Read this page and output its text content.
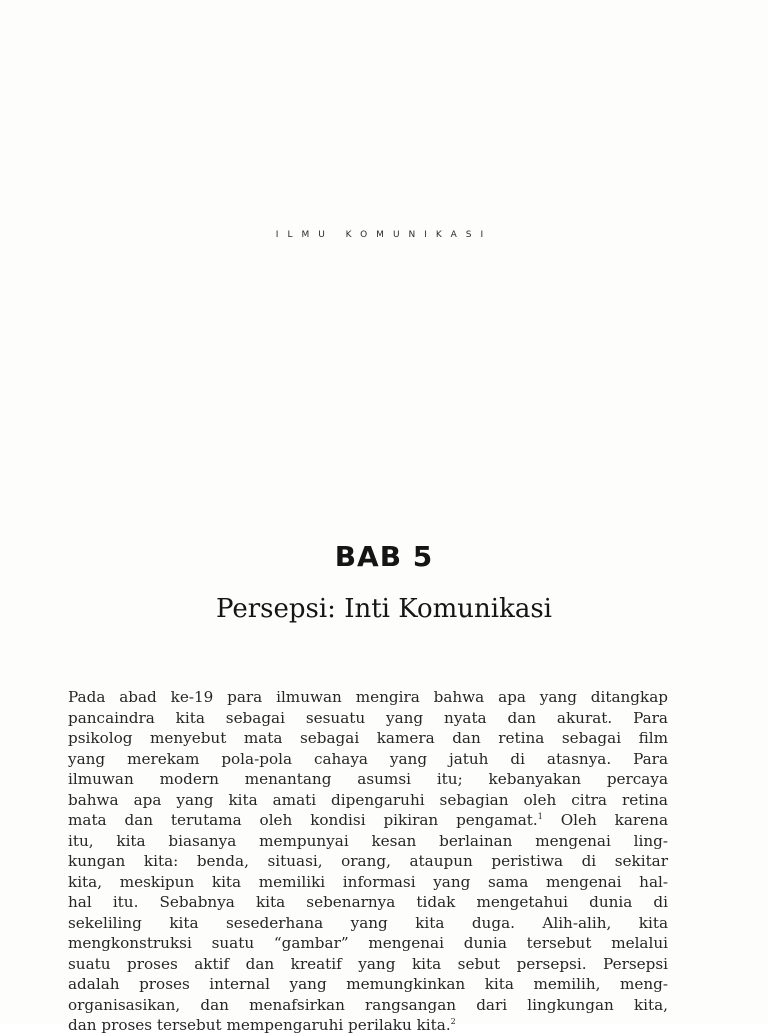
ILMU KOMUNIKASI
BAB 5
Persepsi: Inti Komunikasi
Pada abad ke-19 para ilmuwan mengira bahwa apa yang ditangkap
pancaindra kita sebagai sesuatu yang nyata dan akurat. Para
psikolog menyebut mata sebagai kamera dan retina sebagai film
yang merekam pola-pola cahaya yang jatuh di atasnya. Para
ilmuwan modern menantang asumsi itu; kebanyakan percaya
bahwa apa yang kita amati dipengaruhi sebagian oleh citra retina
mata dan terutama oleh kondisi pikiran pengamat.$^1$ Oleh karena
itu, kita biasanya mempunyai kesan berlainan mengenai ling-
kungan kita: benda, situasi, orang, ataupun peristiwa di sekitar
kita, meskipun kita memiliki informasi yang sama mengenai hal-
hal itu. Sebabnya kita sebenarnya tidak mengetahui dunia di
sekeliling kita sesederhana yang kita duga. Alih-alih, kita
mengkonstruksi suatu “gambar” mengenai dunia tersebut melalui
suatu proses aktif dan kreatif yang kita sebut persepsi. Persepsi
adalah proses internal yang memungkinkan kita memilih, meng-
organisasikan, dan menafsirkan rangsangan dari lingkungan kita,
dan proses tersebut mempengaruhi perilaku kita.$^2$
